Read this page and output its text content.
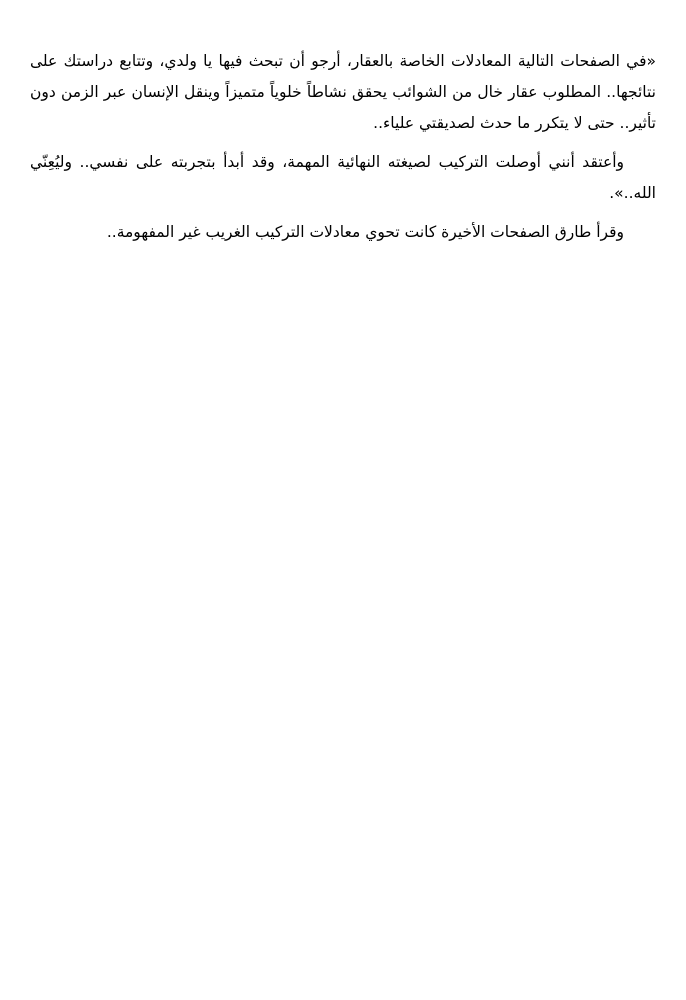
«في الصفحات التالية المعادلات الخاصة بالعقار، أرجو أن تبحث فيها يا ولدي، وتتابع دراستك على نتائجها.. المطلوب عقار خال من الشوائب يحقق نشاطاً خلوياً متميزاً وينقل الإنسان عبر الزمن دون تأثير.. حتى لا يتكرر ما حدث لصديقتي علياء..

وأعتقد أنني أوصلت التركيب لصيغته النهائية المهمة، وقد أبدأ بتجربته على نفسي.. وليُعِنّي الله..».

وقرأ طارق الصفحات الأخيرة كانت تحوي معادلات التركيب الغريب غير المفهومة..
